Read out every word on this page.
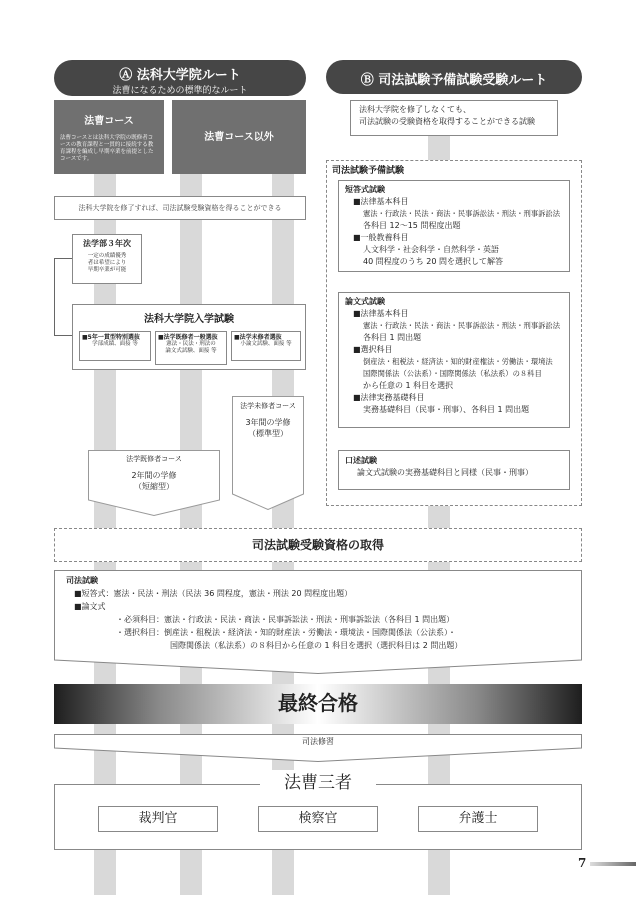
Ⓐ 法科大学院ルート
法曹になるための標準的なルート
Ⓑ 司法試験予備試験受験ルート
法曹コース
法曹コースとは法科大学院の既修者コースの教育課程と一貫的に接続する教育課程を編成し早期卒業を前提としたコースです。
法曹コース以外
法科大学院を修了しなくても、
司法試験の受験資格を取得することができる試験
法科大学院を修了すれば、司法試験受験資格を得ることができる
法学部３年次
一定の成績優秀
者は希望により
早期卒業が可能
法科大学院入学試験
■5年一貫型特別選抜
学部成績、面接 等
■法学既修者一般選抜
憲法・民法・刑法の
論文式試験、面接 等
■法学未修者選抜
小論文試験、面接 等
法学未修者コース
3年間の学修
（標準型）
法学既修者コース
2年間の学修
（短縮型）
司法試験予備試験
短答式試験
■法律基本科目
憲法・行政法・民法・商法・民事訴訟法・刑法・刑事訴訟法
各科目 12～15 問程度出題
■一般教養科目
人文科学・社会科学・自然科学・英語
40 問程度のうち 20 問を選択して解答
論文式試験
■法律基本科目
憲法・行政法・民法・商法・民事訴訟法・刑法・刑事訴訟法
各科目 1 問出題
■選択科目
倒産法・租税法・経済法・知的財産権法・労働法・環境法
国際関係法（公法系）・国際関係法（私法系）の８科目
から任意の 1 科目を選択
■法律実務基礎科目
実務基礎科目（民事・刑事）、各科目 1 問出題
口述試験
論文式試験の実務基礎科目と同様（民事・刑事）
司法試験受験資格の取得
司法試験
■短答式：憲法・民法・刑法（民法 36 問程度，憲法・刑法 20 問程度出題）
■論文式
・必須科目：憲法・行政法・民法・商法・民事訴訟法・刑法・刑事訴訟法（各科目 1 問出題）
・選択科目：倒産法・租税法・経済法・知的財産法・労働法・環境法・国際関係法（公法系）・
国際関係法（私法系）の８科目から任意の 1 科目を選択（選択科目は 2 問出題）
最終合格
司法修習
法曹三者
裁判官	検察官	弁護士
7
